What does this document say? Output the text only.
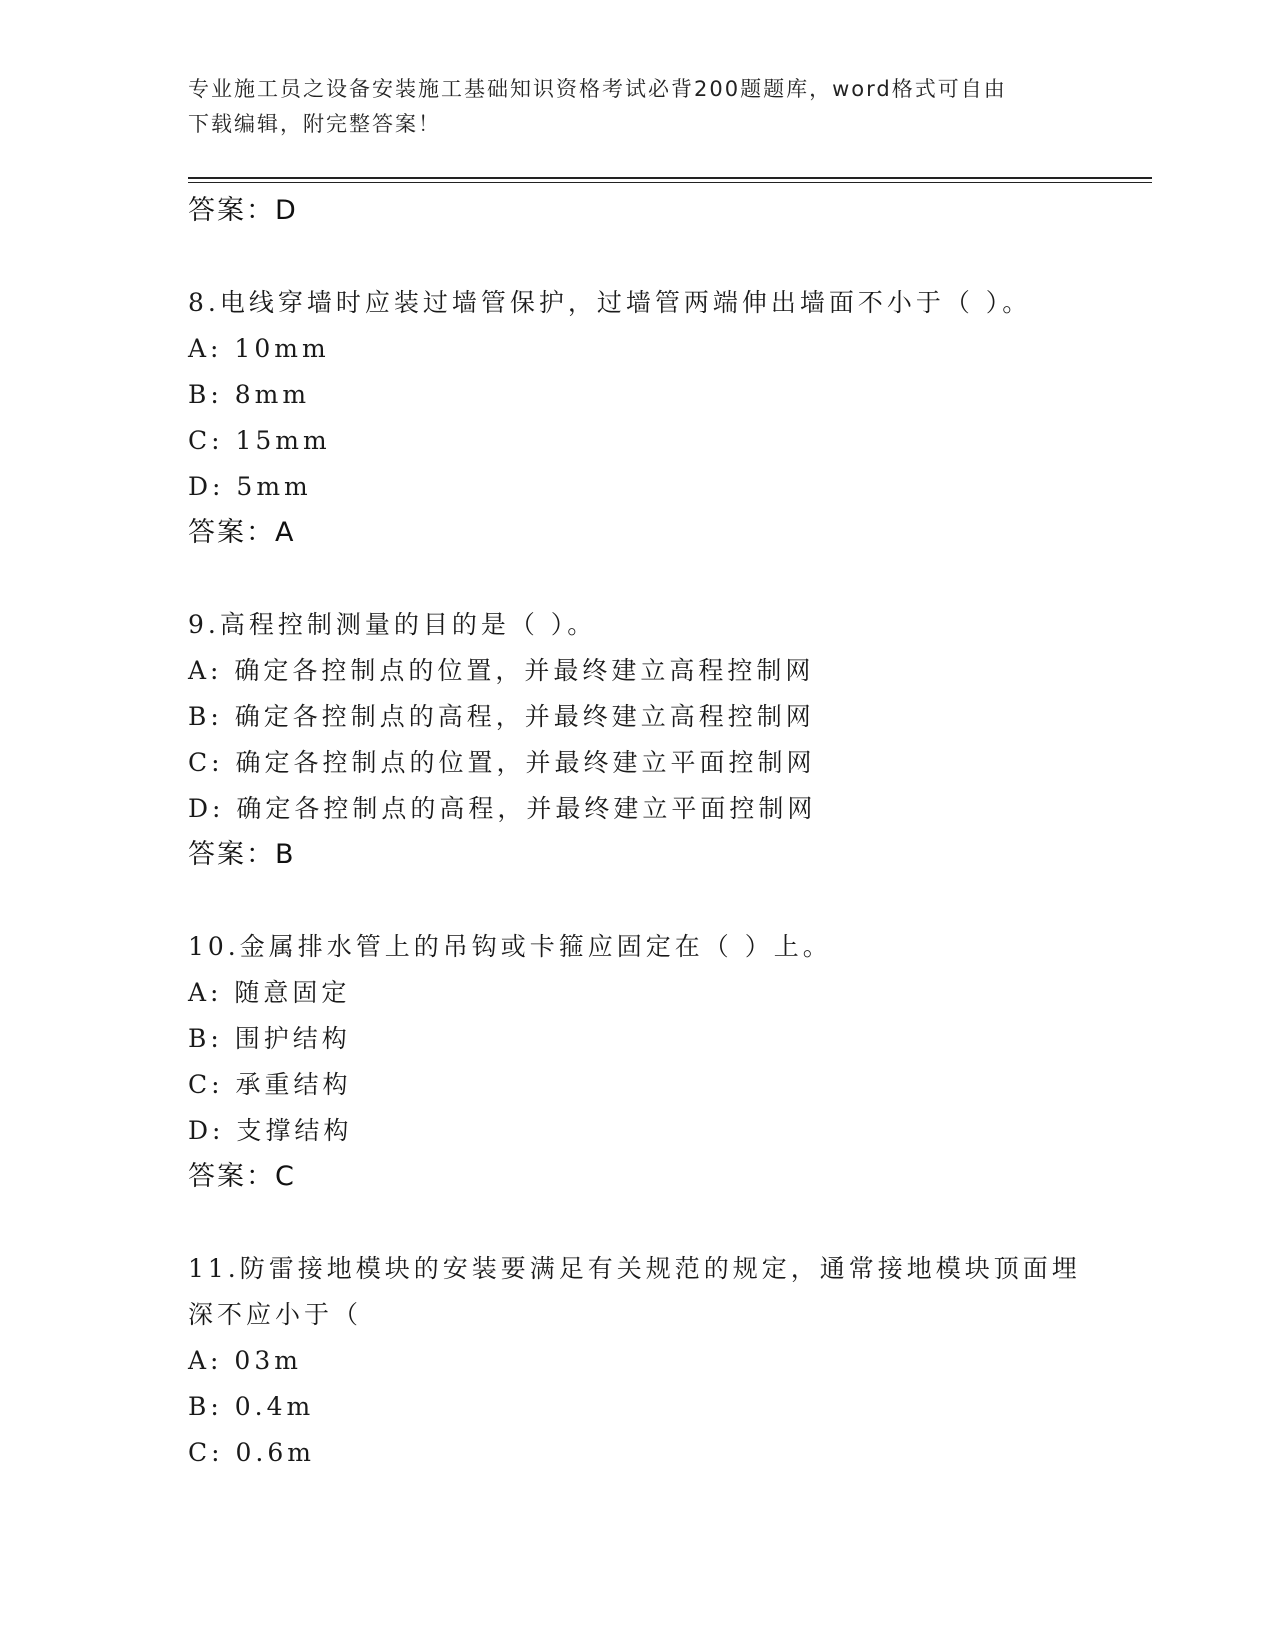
专业施工员之设备安装施工基础知识资格考试必背200题题库，word格式可自由
下载编辑，附完整答案！
答案：D
8.电线穿墙时应装过墙管保护，过墙管两端伸出墙面不小于（ ）。
A: 10mm
B: 8mm
C: 15mm
D: 5mm
答案：A
9.高程控制测量的目的是（ ）。
A: 确定各控制点的位置，并最终建立高程控制网
B: 确定各控制点的高程，并最终建立高程控制网
C: 确定各控制点的位置，并最终建立平面控制网
D: 确定各控制点的高程，并最终建立平面控制网
答案：B
10.金属排水管上的吊钩或卡箍应固定在（ ）上。
A: 随意固定
B: 围护结构
C: 承重结构
D: 支撑结构
答案：C
11.防雷接地模块的安装要满足有关规范的规定，通常接地模块顶面埋
深不应小于（
A: 03m
B: 0.4m
C: 0.6m
